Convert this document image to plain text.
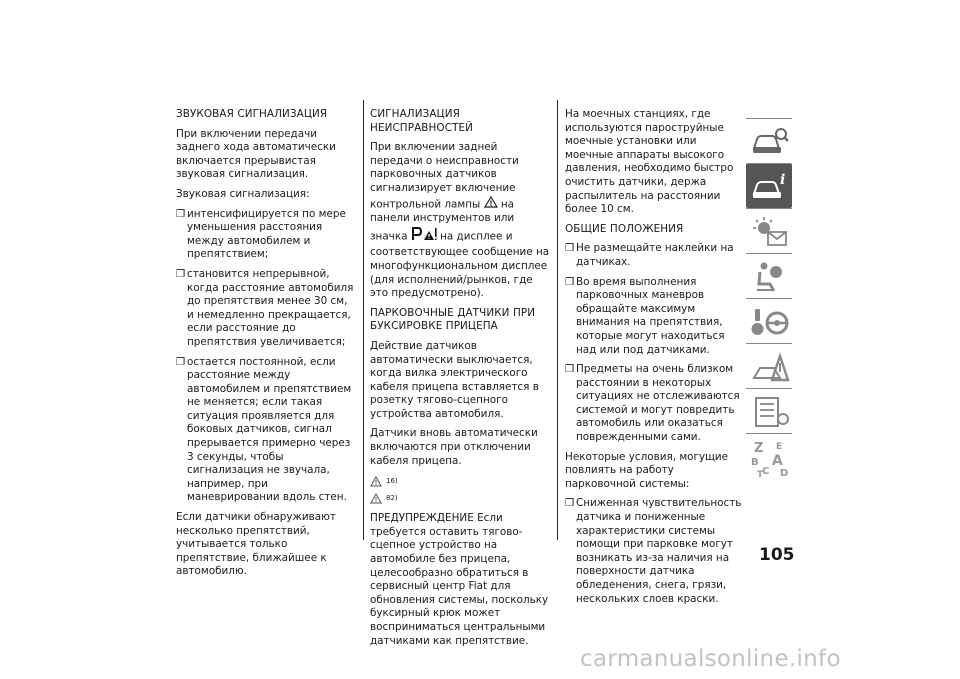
ЗВУКОВАЯ СИГНАЛИЗАЦИЯ

При включении передачи заднего хода автоматически включается прерывистая звуковая сигнализация.

Звуковая сигнализация:

❒ интенсифицируется по мере уменьшения расстояния между автомобилем и препятствием;
❒ становится непрерывной, когда расстояние автомобиля до препятствия менее 30 см, и немедленно прекращается, если расстояние до препятствия увеличивается;
❒ остается постоянной, если расстояние между автомобилем и препятствием не меняется; если такая ситуация проявляется для боковых датчиков, сигнал прерывается примерно через 3 секунды, чтобы сигнализация не звучала, например, при маневрировании вдоль стен.

Если датчики обнаруживают несколько препятствий, учитывается только препятствие, ближайшее к автомобилю.

СИГНАЛИЗАЦИЯ НЕИСПРАВНОСТЕЙ

При включении задней передачи о неисправности парковочных датчиков сигнализирует включение контрольной лампы на панели инструментов или значка	на дисплее и соответствующее сообщение на многофункциональном дисплее (для исполнений/рынков, где это предусмотрено).

ПАРКОВОЧНЫЕ ДАТЧИКИ ПРИ БУКСИРОВКЕ ПРИЦЕПА

Действие датчиков автоматически выключается, когда вилка электрического кабеля прицепа вставляется в розетку тягово-сцепного устройства автомобиля.

Датчики вновь автоматически включаются при отключении кабеля прицепа.

16)
82)

ПРЕДУПРЕЖДЕНИЕ Если требуется оставить тягово-сцепное устройство на автомобиле без прицепа, целесообразно обратиться в сервисный центр Fiat для обновления системы, поскольку буксирный крюк может восприниматься центральными датчиками как препятствие.

На моечных станциях, где используются пароструйные моечные установки или моечные аппараты высокого давления, необходимо быстро очистить датчики, держа распылитель на расстоянии более 10 см.

ОБЩИЕ ПОЛОЖЕНИЯ
❒ Не размещайте наклейки на датчиках.
❒ Во время выполнения парковочных маневров обращайте максимум внимания на препятствия, которые могут находиться над или под датчиками.
❒ Предметы на очень близком расстоянии в некоторых ситуациях не отслеживаются системой и могут повредить автомобиль или оказаться поврежденными сами.

Некоторые условия, могущие повлиять на работу парковочной системы:

❒ Сниженная чувствительность датчика и пониженные характеристики системы помощи при парковке могут возникать из-за наличия на поверхности датчика обледенения, снега, грязи, нескольких слоев краски.
i
Z E
B A
C
T D
105
carmanualsonline.info
